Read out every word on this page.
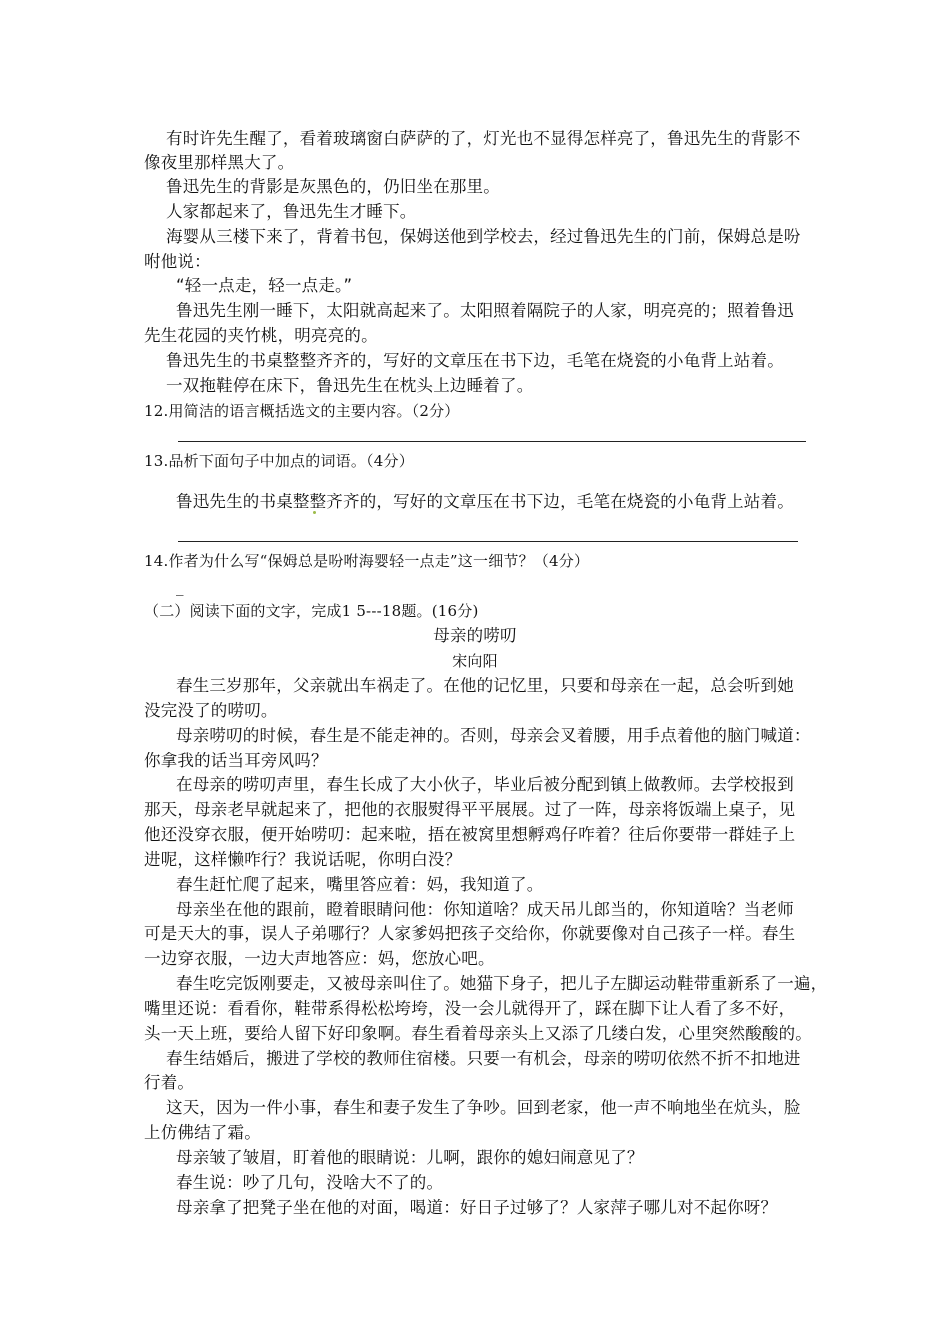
有时许先生醒了，看着玻璃窗白萨萨的了，灯光也不显得怎样亮了，鲁迅先生的背影不
像夜里那样黑大了。
鲁迅先生的背影是灰黑色的，仍旧坐在那里。
人家都起来了，鲁迅先生才睡下。
海婴从三楼下来了，背着书包，保姆送他到学校去，经过鲁迅先生的门前，保姆总是吩
咐他说：
“轻一点走，轻一点走。”
鲁迅先生刚一睡下，太阳就高起来了。太阳照着隔院子的人家，明亮亮的；照着鲁迅
先生花园的夹竹桃，明亮亮的。
鲁迅先生的书桌整整齐齐的，写好的文章压在书下边，毛笔在烧瓷的小龟背上站着。
一双拖鞋停在床下，鲁迅先生在枕头上边睡着了。
12.用简洁的语言概括选文的主要内容。（2分）
13.品析下面句子中加点的词语。（4分）
鲁迅先生的书桌整整齐齐的，写好的文章压在书下边，毛笔在烧瓷的小龟背上站着。
14.作者为什么写“保姆总是吩咐海婴轻一点走”这一细节？（4分）
_
（二）阅读下面的文字，完成1 5---18题。(16分)
母亲的唠叨
宋向阳
春生三岁那年，父亲就出车祸走了。在他的记忆里，只要和母亲在一起，总会听到她
没完没了的唠叨。
母亲唠叨的时候，春生是不能走神的。否则，母亲会叉着腰，用手点着他的脑门喊道：
你拿我的话当耳旁风吗？
在母亲的唠叨声里，春生长成了大小伙子，毕业后被分配到镇上做教师。去学校报到
那天，母亲老早就起来了，把他的衣服熨得平平展展。过了一阵，母亲将饭端上桌子，见
他还没穿衣服，便开始唠叨：起来啦，捂在被窝里想孵鸡仔咋着？往后你要带一群娃子上
进呢，这样懒咋行？我说话呢，你明白没？
春生赶忙爬了起来，嘴里答应着：妈，我知道了。
母亲坐在他的跟前，瞪着眼睛问他：你知道啥？成天吊儿郎当的，你知道啥？当老师
可是天大的事，误人子弟哪行？人家爹妈把孩子交给你，你就要像对自己孩子一样。春生
一边穿衣服，一边大声地答应：妈，您放心吧。
春生吃完饭刚要走，又被母亲叫住了。她猫下身子，把儿子左脚运动鞋带重新系了一遍，
嘴里还说：看看你，鞋带系得松松垮垮，没一会儿就得开了，踩在脚下让人看了多不好，
头一天上班，要给人留下好印象啊。春生看着母亲头上又添了几缕白发，心里突然酸酸的。
春生结婚后，搬进了学校的教师住宿楼。只要一有机会，母亲的唠叨依然不折不扣地进
行着。
这天，因为一件小事，春生和妻子发生了争吵。回到老家，他一声不响地坐在炕头，脸
上仿佛结了霜。
母亲皱了皱眉，盯着他的眼睛说：儿啊，跟你的媳妇闹意见了？
春生说：吵了几句，没啥大不了的。
母亲拿了把凳子坐在他的对面，喝道：好日子过够了？人家萍子哪儿对不起你呀？
